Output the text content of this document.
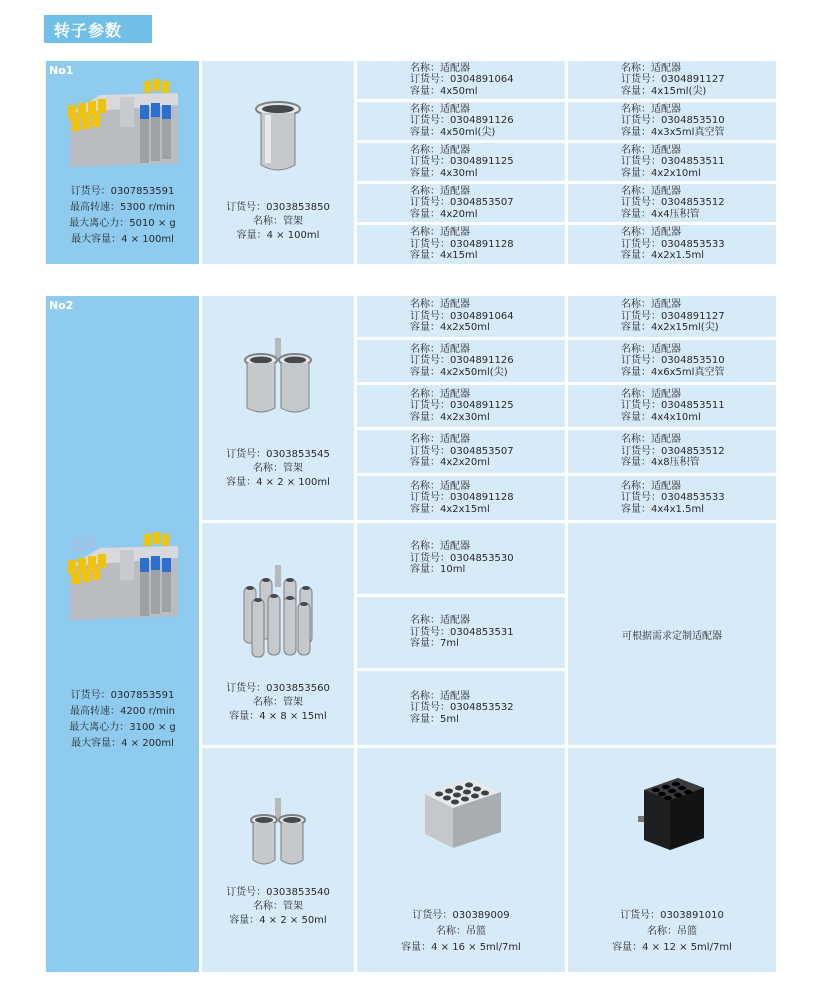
转子参数
No1
订货号：0307853591
最高转速：5300 r/min
最大离心力：5010 × g
最大容量：4 × 100ml
订货号：0303853850
名称：管架
容量：4 × 100ml
名称：适配器
订货号：0304891064
容量：4x50ml
名称：适配器
订货号：0304891126
容量：4x50ml(尖)
名称：适配器
订货号：0304891125
容量：4x30ml
名称：适配器
订货号：0304853507
容量：4x20ml
名称：适配器
订货号：0304891128
容量：4x15ml
名称：适配器
订货号：0304891127
容量：4x15ml(尖)
名称：适配器
订货号：0304853510
容量：4x3x5ml真空管
名称：适配器
订货号：0304853511
容量：4x2x10ml
名称：适配器
订货号：0304853512
容量：4x4压积管
名称：适配器
订货号：0304853533
容量：4x2x1.5ml
No2
订货号：0307853591
最高转速：4200 r/min
最大离心力：3100 × g
最大容量：4 × 200ml
订货号：0303853545
名称：管架
容量：4 × 2 × 100ml
名称：适配器
订货号：0304891064
容量：4x2x50ml
名称：适配器
订货号：0304891126
容量：4x2x50ml(尖)
名称：适配器
订货号：0304891125
容量：4x2x30ml
名称：适配器
订货号：0304853507
容量：4x2x20ml
名称：适配器
订货号：0304891128
容量：4x2x15ml
名称：适配器
订货号：0304891127
容量：4x2x15ml(尖)
名称：适配器
订货号：0304853510
容量：4x6x5ml真空管
名称：适配器
订货号：0304853511
容量：4x4x10ml
名称：适配器
订货号：0304853512
容量：4x8压积管
名称：适配器
订货号：0304853533
容量：4x4x1.5ml
订货号：0303853560
名称：管架
容量：4 × 8 × 15ml
名称：适配器
订货号：0304853530
容量：10ml
名称：适配器
订货号：0304853531
容量：7ml
名称：适配器
订货号：0304853532
容量：5ml
可根据需求定制适配器
订货号：0303853540
名称：管架
容量：4 × 2 × 50ml	订货号：030389009
名称：吊篮
容量：4 × 16 × 5ml/7ml
订货号：0303891010
名称：吊篮
容量：4 × 12 × 5ml/7ml
